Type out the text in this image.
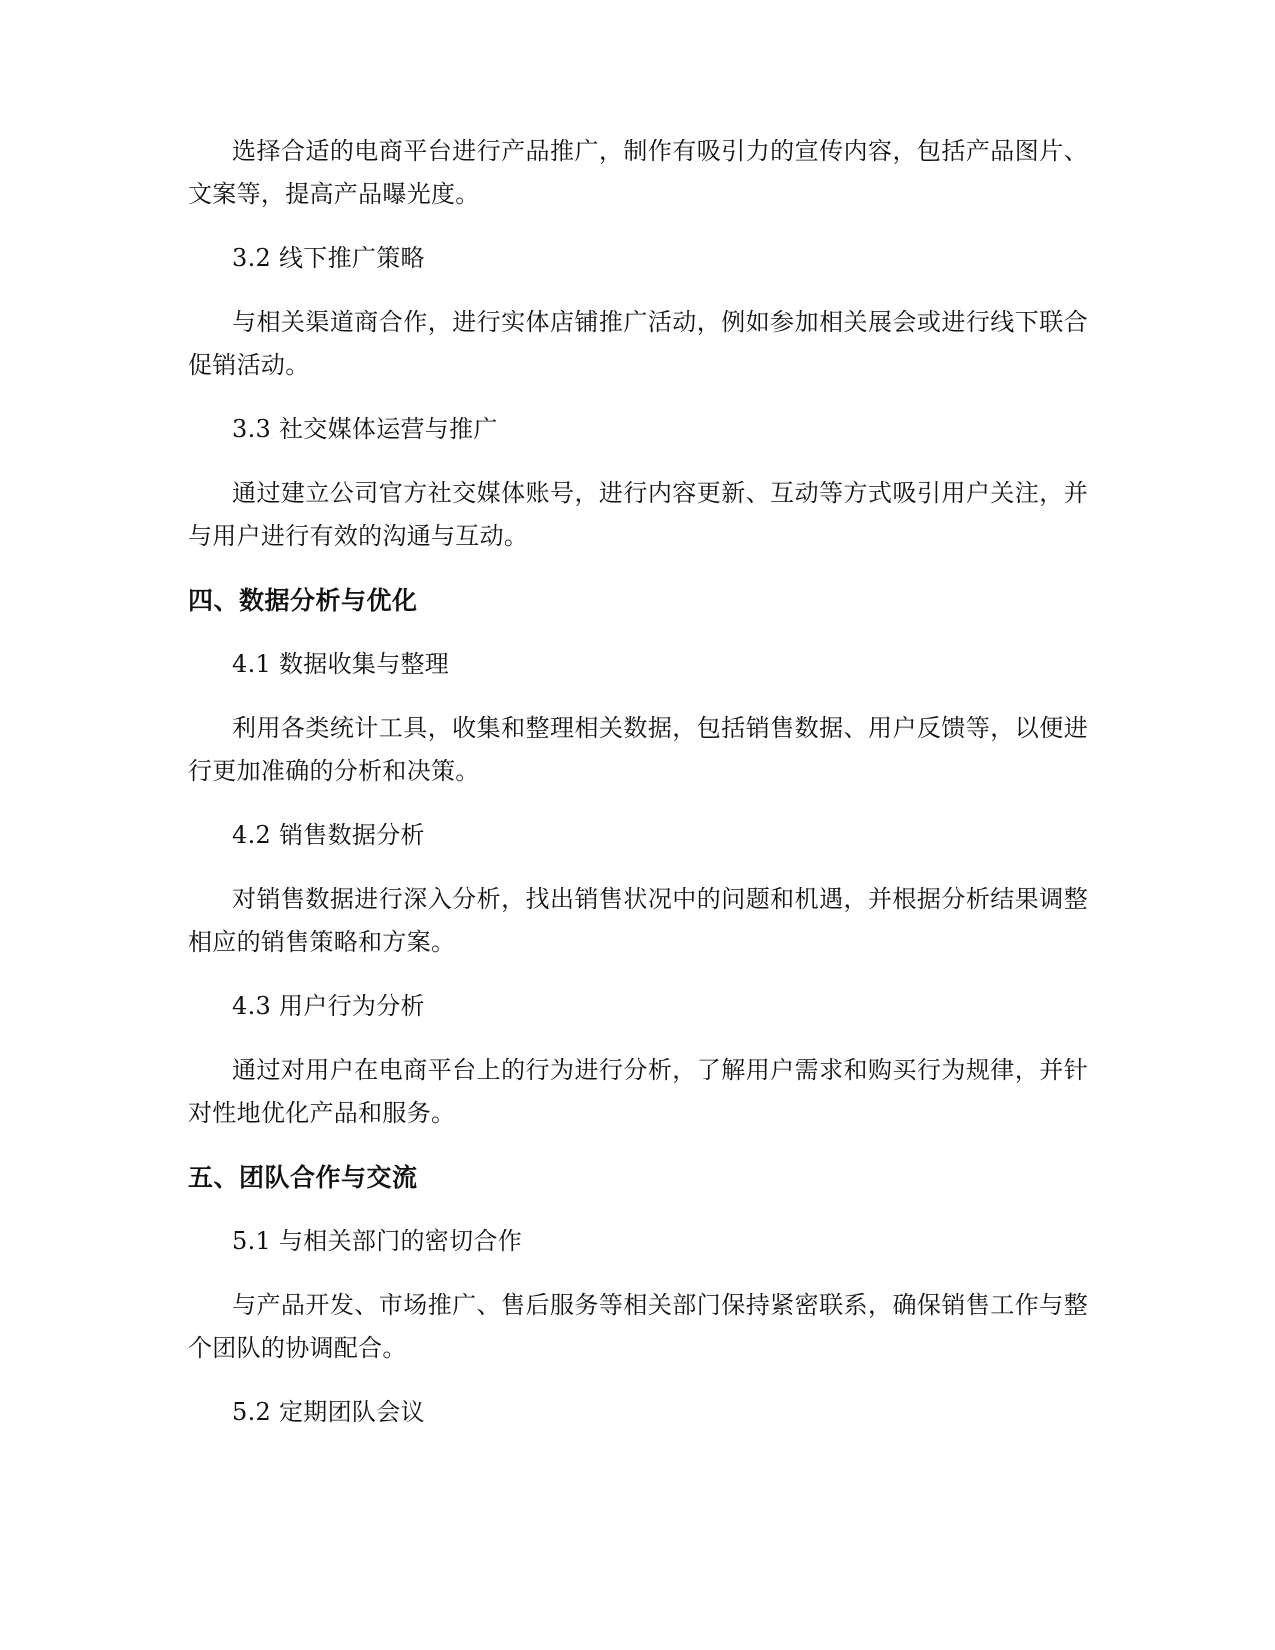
选择合适的电商平台进行产品推广，制作有吸引力的宣传内容，包括产品图片、文案等，提高产品曝光度。

3.2 线下推广策略

与相关渠道商合作，进行实体店铺推广活动，例如参加相关展会或进行线下联合促销活动。

3.3 社交媒体运营与推广

通过建立公司官方社交媒体账号，进行内容更新、互动等方式吸引用户关注，并与用户进行有效的沟通与互动。

四、数据分析与优化

4.1 数据收集与整理

利用各类统计工具，收集和整理相关数据，包括销售数据、用户反馈等，以便进行更加准确的分析和决策。

4.2 销售数据分析

对销售数据进行深入分析，找出销售状况中的问题和机遇，并根据分析结果调整相应的销售策略和方案。

4.3 用户行为分析

通过对用户在电商平台上的行为进行分析，了解用户需求和购买行为规律，并针对性地优化产品和服务。

五、团队合作与交流

5.1 与相关部门的密切合作

与产品开发、市场推广、售后服务等相关部门保持紧密联系，确保销售工作与整个团队的协调配合。

5.2 定期团队会议
